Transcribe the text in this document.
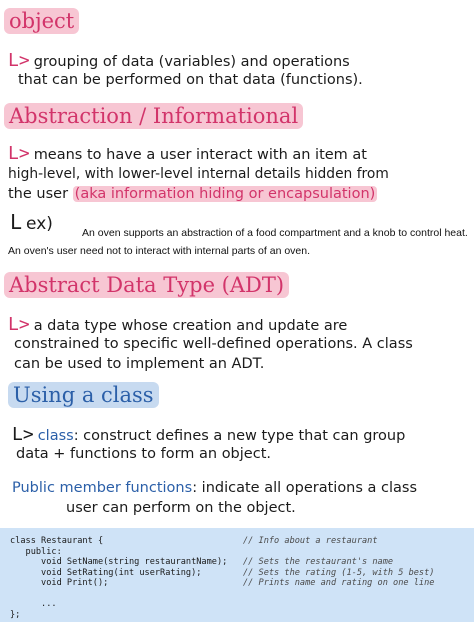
object
L> grouping of data (variables) and operations
that can be performed on that data (functions).
Abstraction / Informational
L> means to have a user interact with an item at
high-level, with lower-level internal details hidden from
the user (aka information hiding or encapsulation)
L ex)	An oven supports an abstraction of a food compartment and a knob to control heat.
An oven's user need not to interact with internal parts of an oven.
Abstract Data Type (ADT)
L> a data type whose creation and update are
constrained to specific well-defined operations. A class
can be used to implement an ADT.
Using a class
L> class: construct defines a new type that can group
data + functions to form an object.
Public member functions: indicate all operations a class
user can perform on the object.
class Restaurant {	// Info about a restaurant
public:
void SetName(string restaurantName); // Sets the restaurant's name
void SetRating(int userRating);	// Sets the rating (1-5, with 5 best)
void Print();	// Prints name and rating on one line
...
};
